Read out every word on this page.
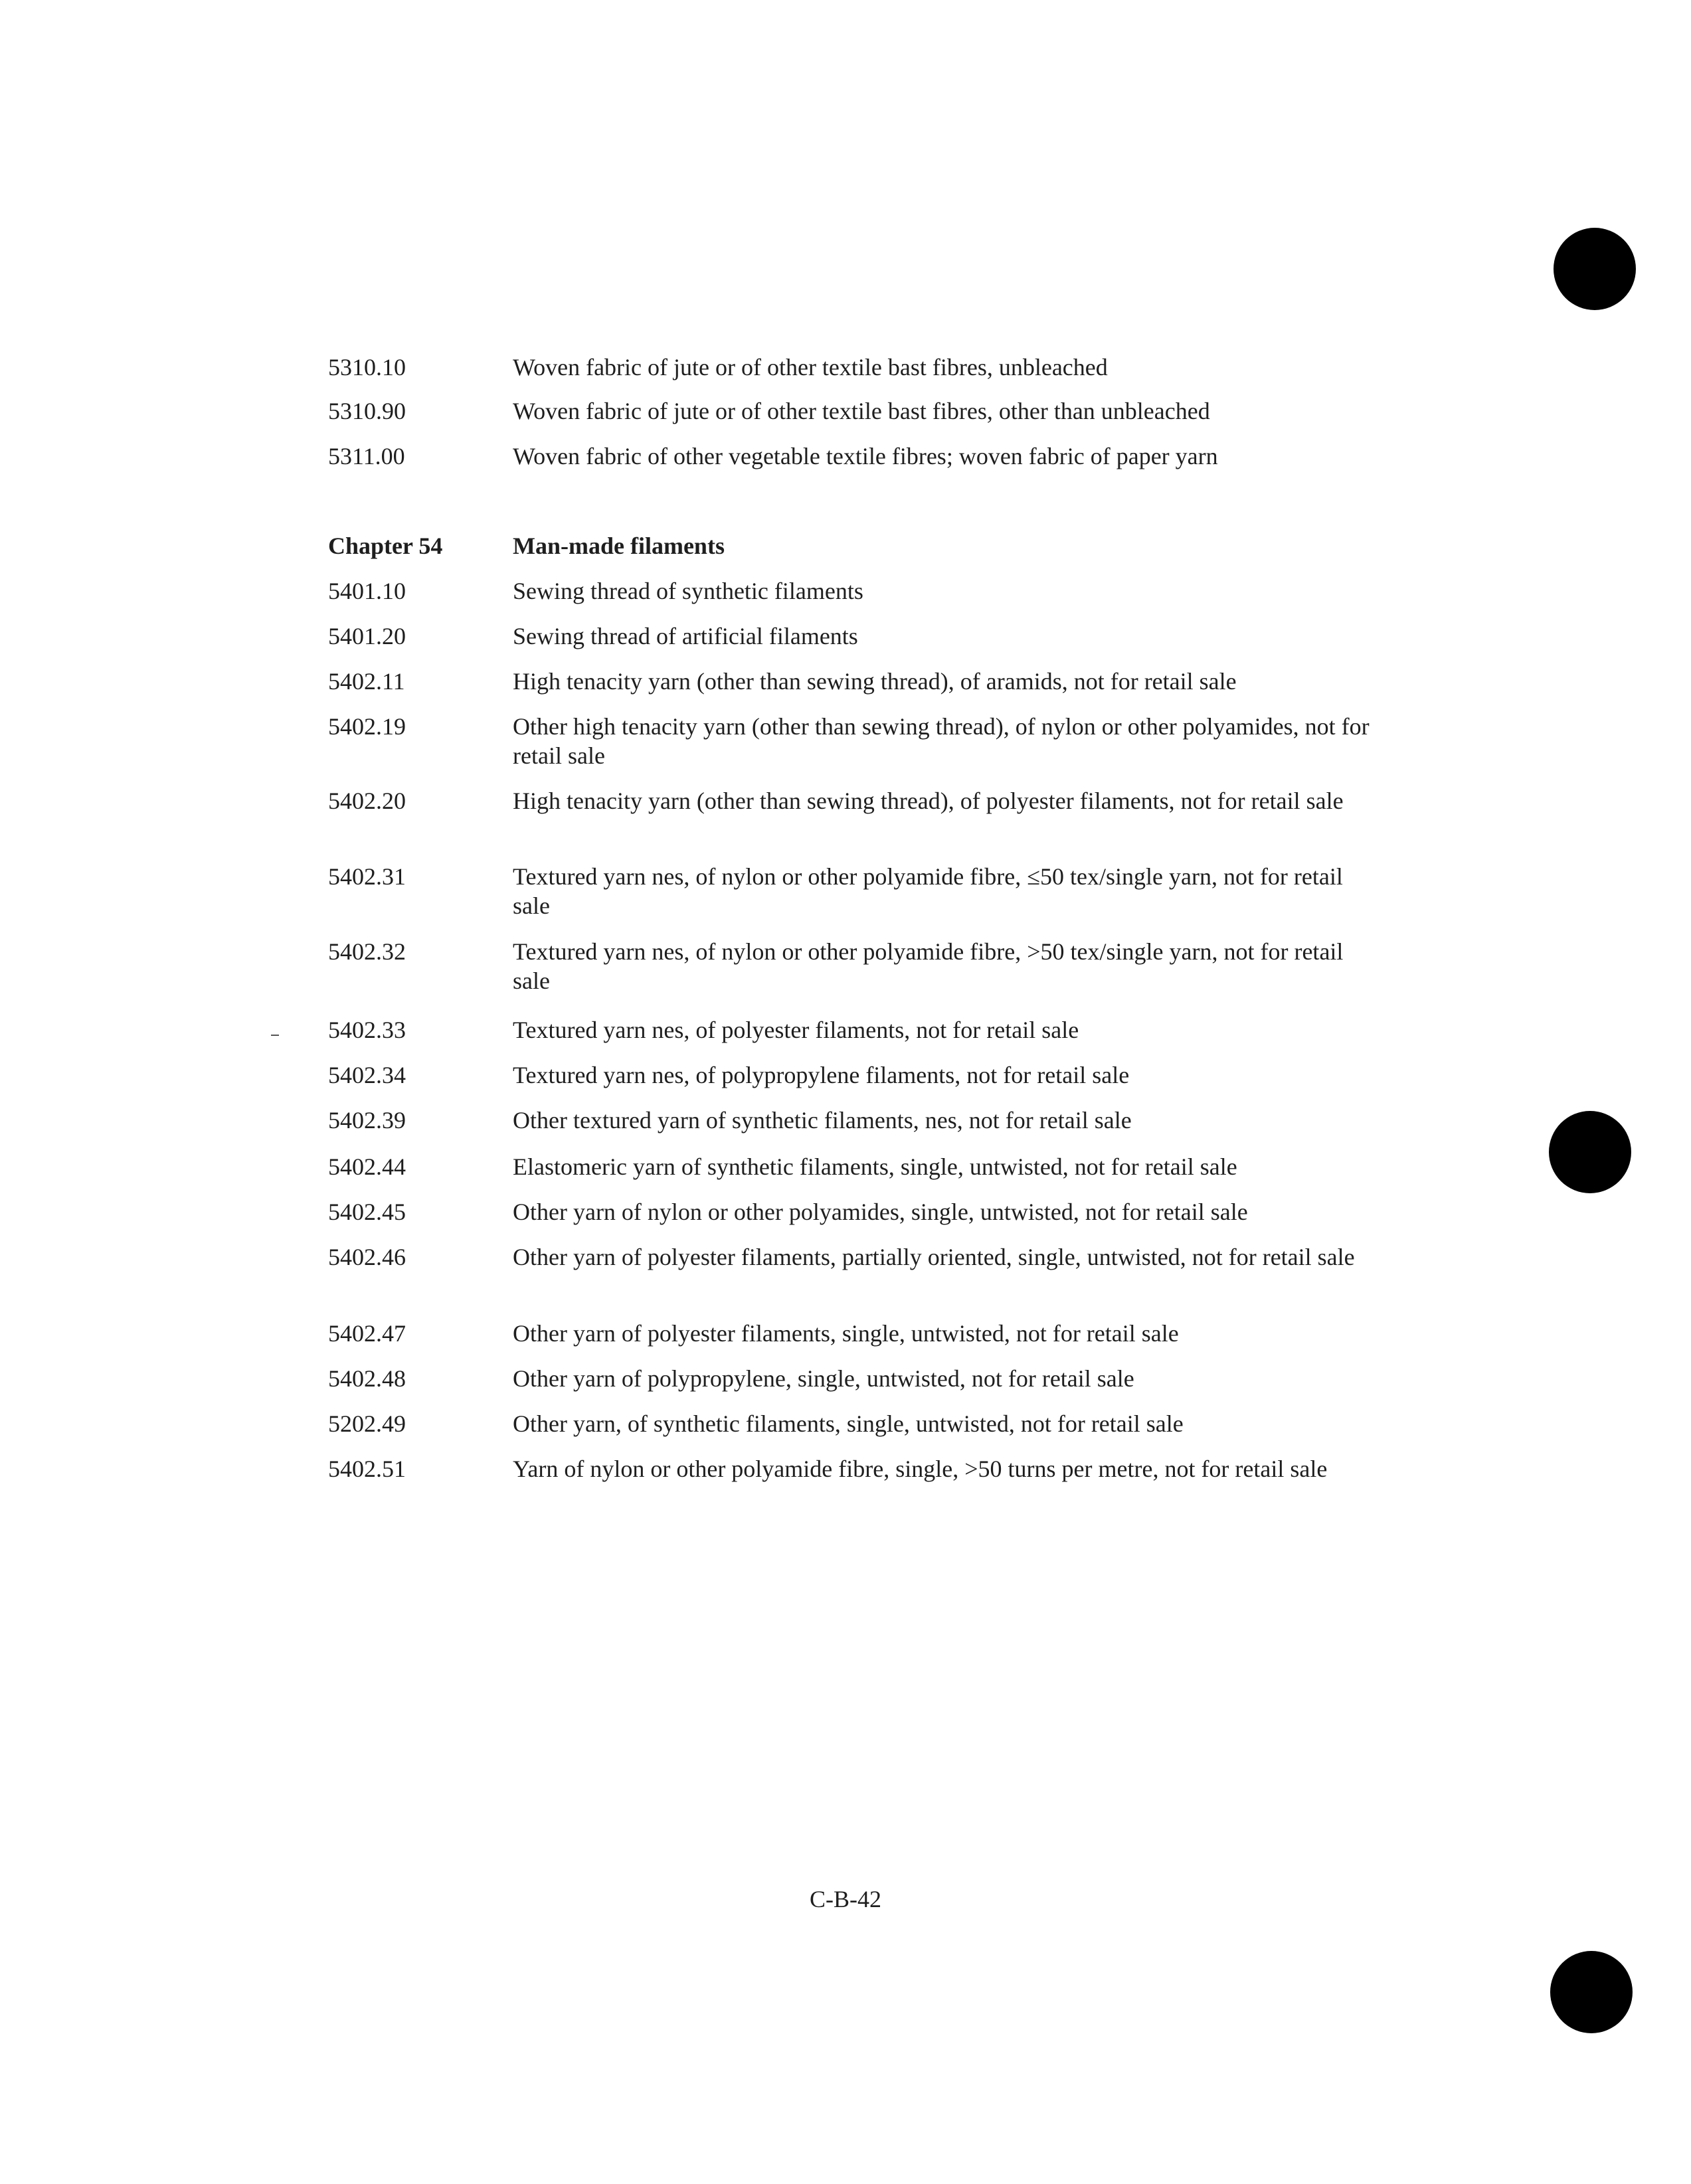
5310.10	Woven fabric of jute or of other textile bast fibres, unbleached
5310.90	Woven fabric of jute or of other textile bast fibres, other than unbleached
5311.00	Woven fabric of other vegetable textile fibres; woven fabric of paper yarn
Chapter 54	Man-made filaments
5401.10	Sewing thread of synthetic filaments
5401.20	Sewing thread of artificial filaments
5402.11	High tenacity yarn (other than sewing thread), of aramids, not for retail sale
5402.19	Other high tenacity yarn (other than sewing thread), of nylon or other polyamides, not for retail sale
5402.20	High tenacity yarn (other than sewing thread), of polyester filaments, not for retail sale
5402.31	Textured yarn nes, of nylon or other polyamide fibre, ≤50 tex/single yarn, not for retail sale
5402.32	Textured yarn nes, of nylon or other polyamide fibre, >50 tex/single yarn, not for retail sale
5402.33	Textured yarn nes, of polyester filaments, not for retail sale
5402.34	Textured yarn nes, of polypropylene filaments, not for retail sale
5402.39	Other textured yarn of synthetic filaments, nes, not for retail sale
5402.44	Elastomeric yarn of synthetic filaments, single, untwisted, not for retail sale
5402.45	Other yarn of nylon or other polyamides, single, untwisted, not for retail sale
5402.46	Other yarn of polyester filaments, partially oriented, single, untwisted, not for retail sale
5402.47	Other yarn of polyester filaments, single, untwisted, not for retail sale
5402.48	Other yarn of polypropylene, single, untwisted, not for retail sale
5202.49	Other yarn, of synthetic filaments, single, untwisted, not for retail sale
5402.51	Yarn of nylon or other polyamide fibre, single, >50 turns per metre, not for retail sale
C-B-42
